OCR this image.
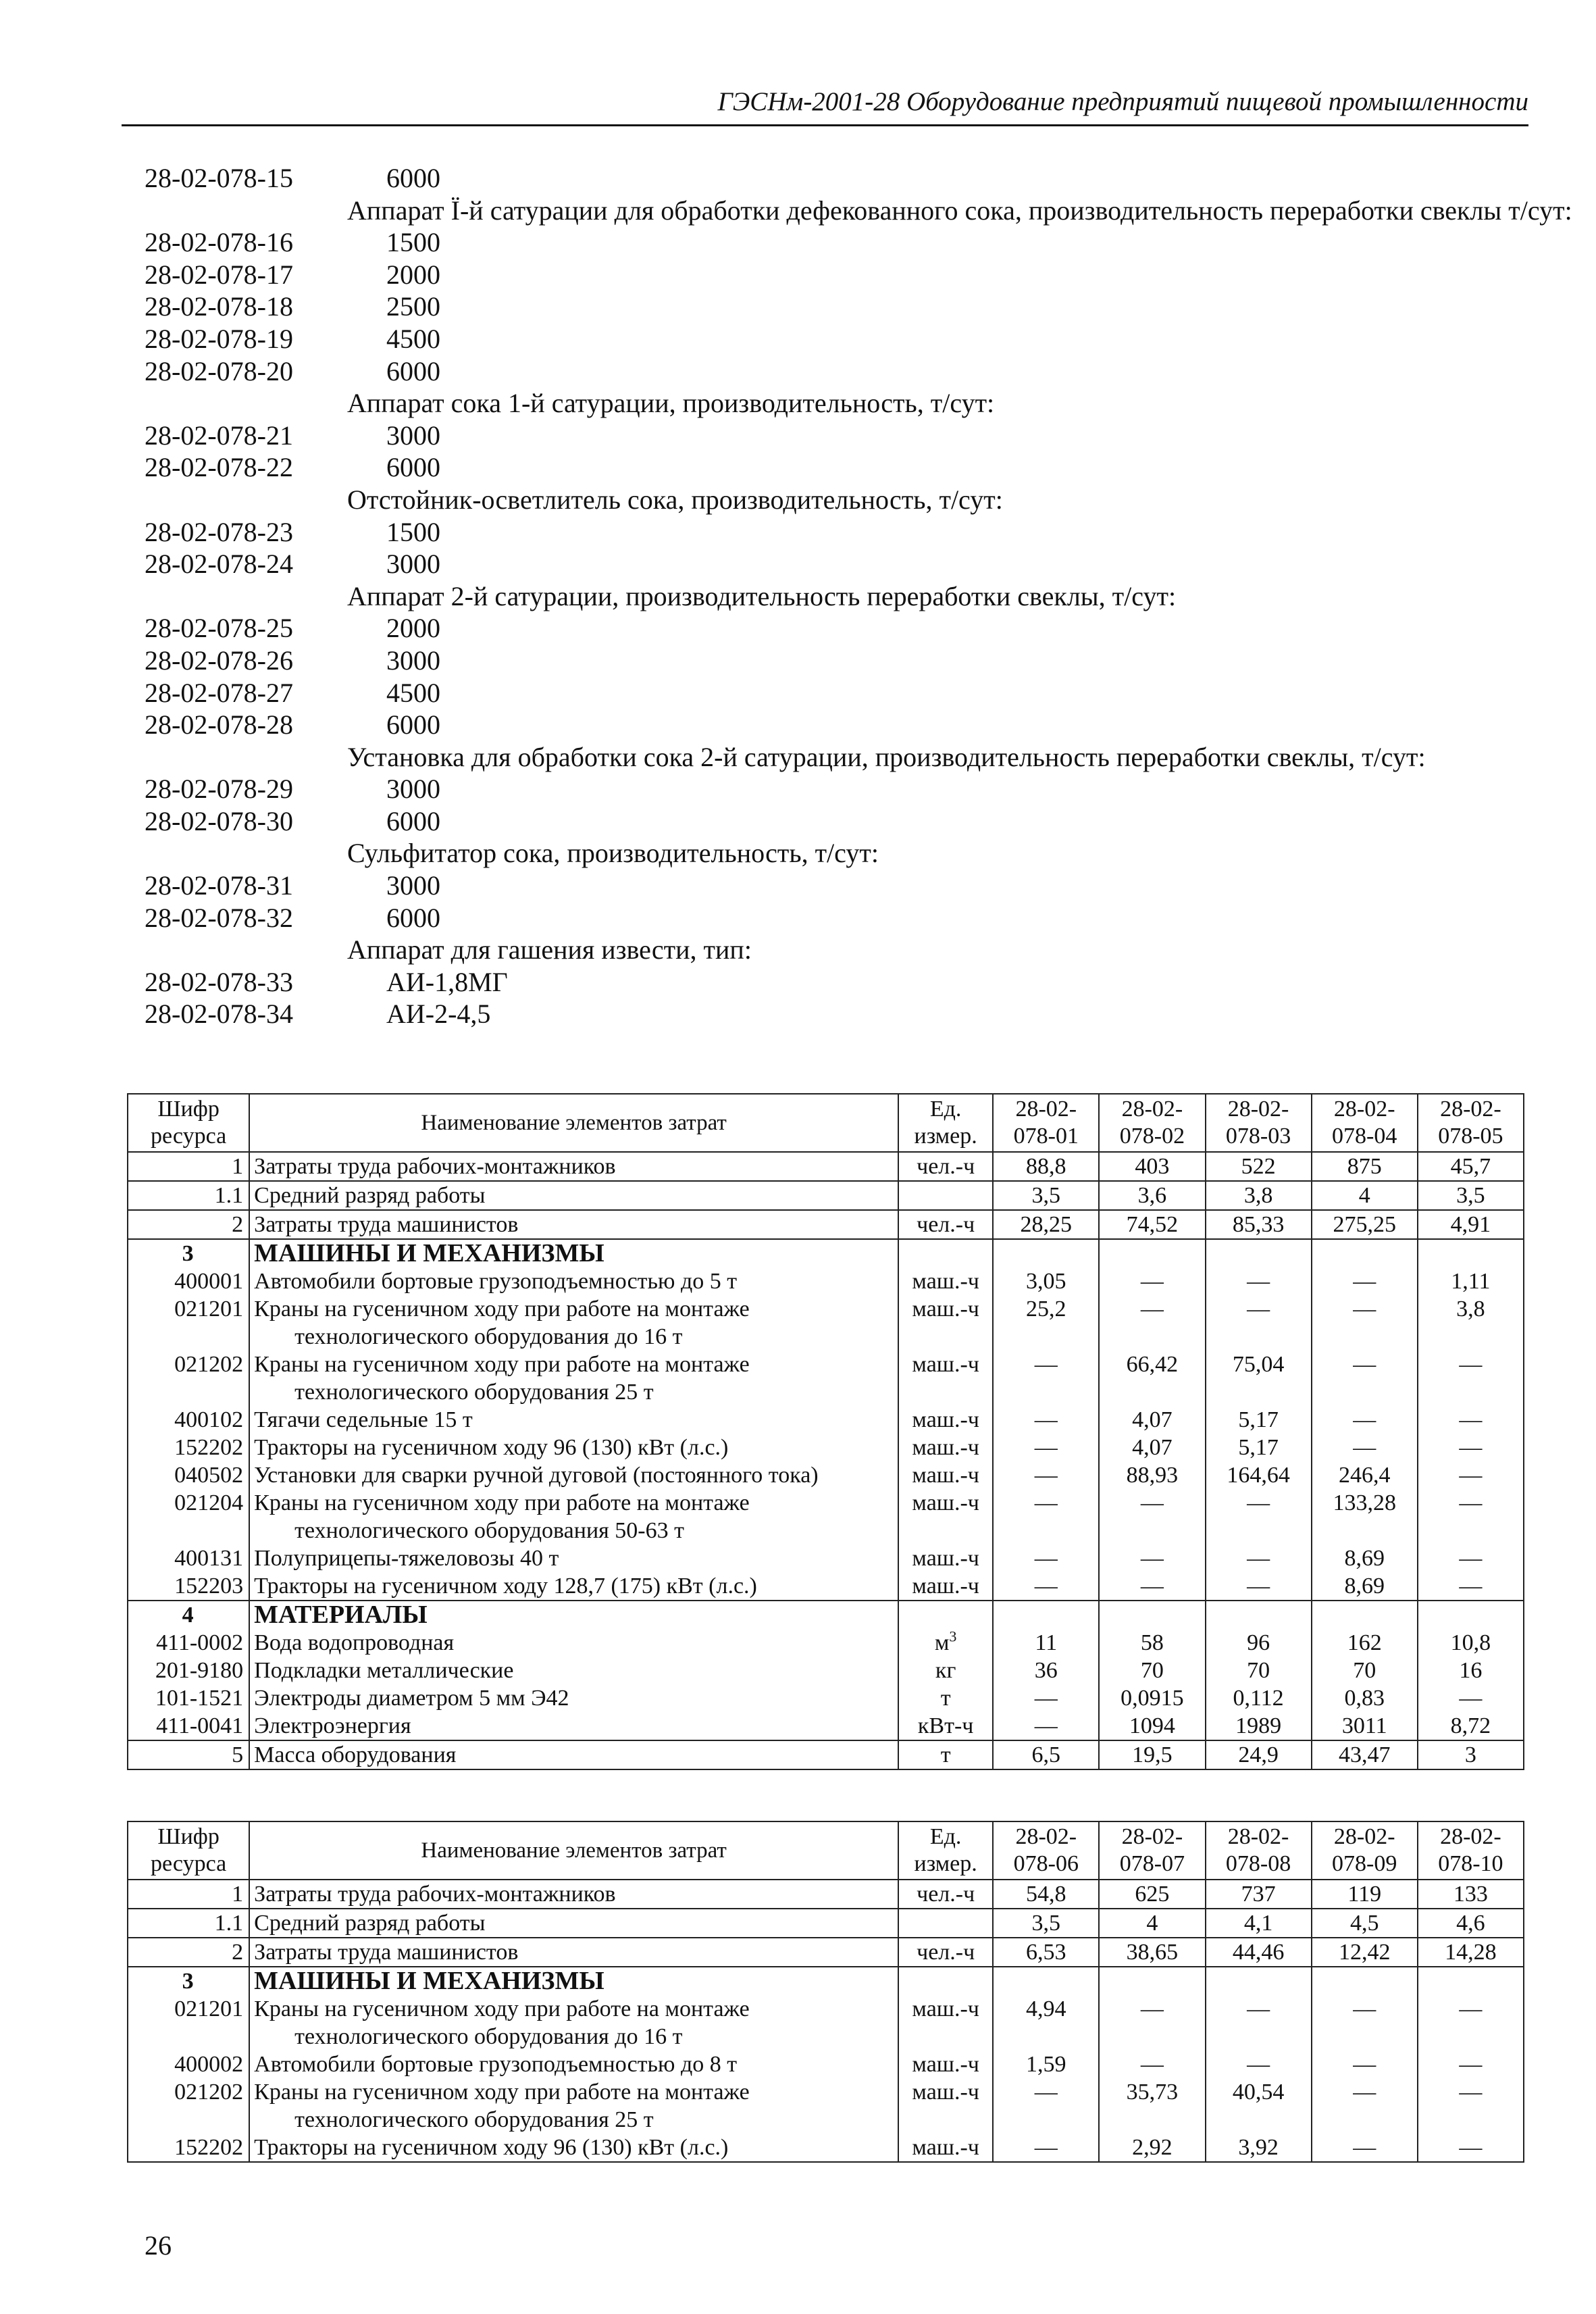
ГЭСНм-2001-28 Оборудование предприятий пищевой промышленности
28-02-078-15	6000
Аппарат Ї-й сатурации для обработки дефекованного сока, производительность переработки свеклы т/сут:
28-02-078-16	1500
28-02-078-17	2000
28-02-078-18	2500
28-02-078-19	4500
28-02-078-20	6000
Аппарат сока 1-й сатурации, производительность, т/сут:
28-02-078-21	3000
28-02-078-22	6000
Отстойник-осветлитель сока, производительность, т/сут:
28-02-078-23	1500
28-02-078-24	3000
Аппарат 2-й сатурации, производительность переработки свеклы, т/сут:
28-02-078-25	2000
28-02-078-26	3000
28-02-078-27	4500
28-02-078-28	6000
Установка для обработки сока 2-й сатурации, производительность переработки свеклы, т/сут:
28-02-078-29	3000
28-02-078-30	6000
Сульфитатор сока, производительность, т/сут:
28-02-078-31	3000
28-02-078-32	6000
Аппарат для гашения извести, тип:
28-02-078-33	АИ-1,8МГ
28-02-078-34	АИ-2-4,5
Шифр ресурса	Наименование элементов затрат	Ед. измер.	28-02-078-01	28-02-078-02	28-02-078-03	28-02-078-04	28-02-078-05
1	Затраты труда рабочих-монтажников	чел.-ч	88,8	403	522	875	45,7
1.1	Средний разряд работы		3,5	3,6	3,8	4	3,5
2	Затраты труда машинистов	чел.-ч	28,25	74,52	85,33	275,25	4,91
3	МАШИНЫ И МЕХАНИЗМЫ						
400001	Автомобили бортовые грузоподъемностью до 5 т	маш.-ч	3,05	—	—	—	1,11
021201	Краны на гусеничном ходу при работе на монтаже
технологического оборудования до 16 т	маш.-ч	25,2	—	—	—	3,8
021202	Краны на гусеничном ходу при работе на монтаже
технологического оборудования 25 т	маш.-ч	—	66,42	75,04	—	—
400102	Тягачи седельные 15 т	маш.-ч	—	4,07	5,17	—	—
152202	Тракторы на гусеничном ходу 96 (130) кВт (л.с.)	маш.-ч	—	4,07	5,17	—	—
040502	Установки для сварки ручной дуговой (постоянного тока)	маш.-ч	—	88,93	164,64	246,4	—
021204	Краны на гусеничном ходу при работе на монтаже
технологического оборудования 50-63 т	маш.-ч	—	—	—	133,28	—
400131	Полуприцепы-тяжеловозы 40 т	маш.-ч	—	—	—	8,69	—
152203	Тракторы на гусеничном ходу 128,7 (175) кВт (л.с.)	маш.-ч	—	—	—	8,69	—
4	МАТЕРИАЛЫ						
411-0002	Вода водопроводная	$м^3$	11	58	96	162	10,8
201-9180	Подкладки металлические	кг	36	70	70	70	16
101-1521	Электроды диаметром 5 мм Э42	т	—	0,0915	0,112	0,83	—
411-0041	Электроэнергия	кВт-ч	—	1094	1989	3011	8,72
5	Масса оборудования	т	6,5	19,5	24,9	43,47	3
Шифр ресурса	Наименование элементов затрат	Ед. измер.	28-02-078-06	28-02-078-07	28-02-078-08	28-02-078-09	28-02-078-10
1	Затраты труда рабочих-монтажников	чел.-ч	54,8	625	737	119	133
1.1	Средний разряд работы		3,5	4	4,1	4,5	4,6
2	Затраты труда машинистов	чел.-ч	6,53	38,65	44,46	12,42	14,28
3	МАШИНЫ И МЕХАНИЗМЫ						
021201	Краны на гусеничном ходу при работе на монтаже
технологического оборудования до 16 т	маш.-ч	4,94	—	—	—	—
400002	Автомобили бортовые грузоподъемностью до 8 т	маш.-ч	1,59	—	—	—	—
021202	Краны на гусеничном ходу при работе на монтаже
технологического оборудования 25 т	маш.-ч	—	35,73	40,54	—	—
152202	Тракторы на гусеничном ходу 96 (130) кВт (л.с.)	маш.-ч	—	2,92	3,92	—	—
26
